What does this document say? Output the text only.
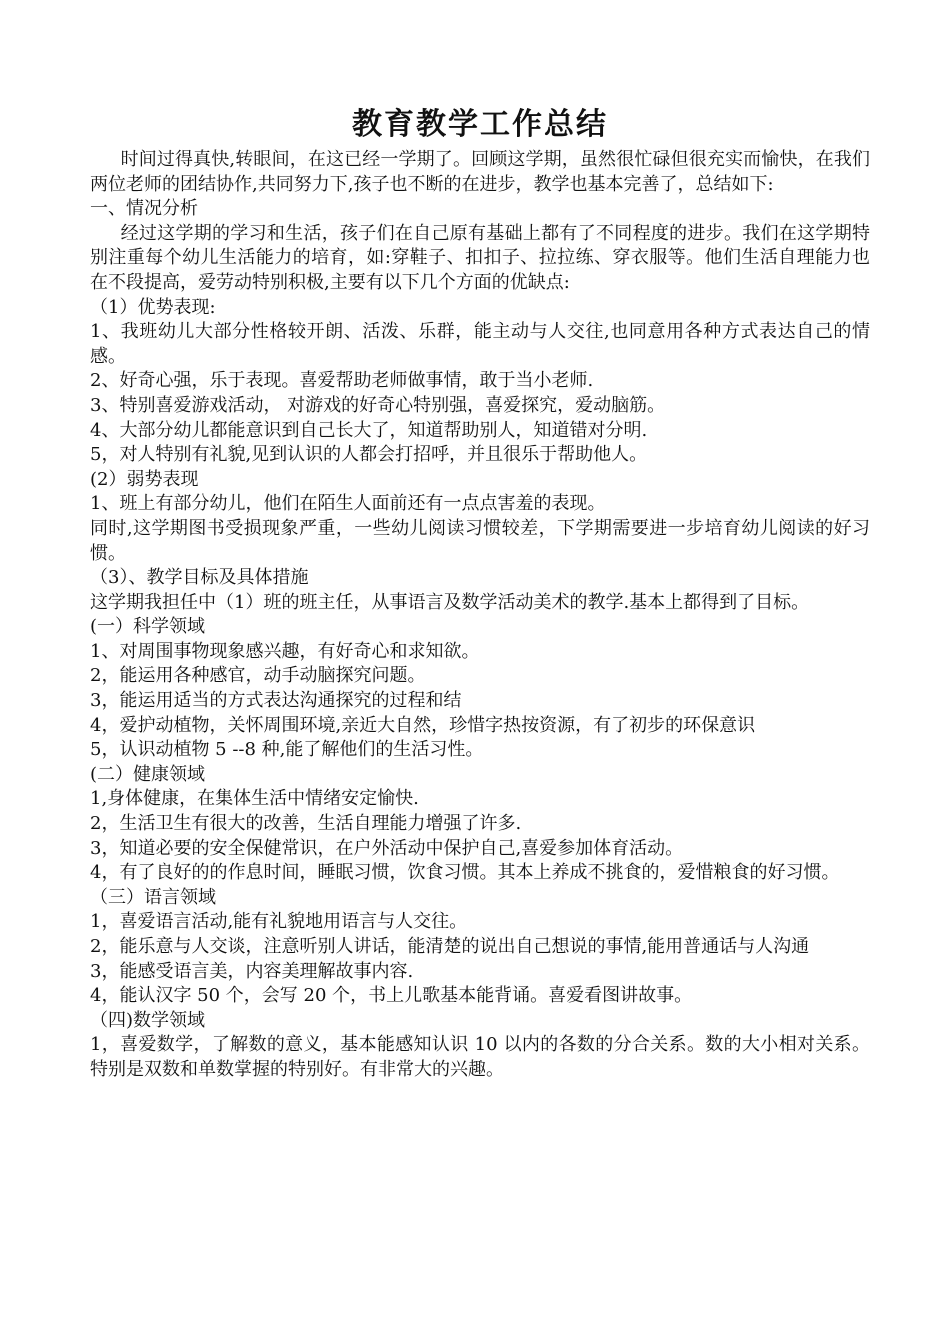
教育教学工作总结

时间过得真快,转眼间，在这已经一学期了。回顾这学期，虽然很忙碌但很充实而愉快，在我们两位老师的团结协作,共同努力下,孩子也不断的在进步，教学也基本完善了，总结如下:

一、情况分析

经过这学期的学习和生活，孩子们在自己原有基础上都有了不同程度的进步。我们在这学期特别注重每个幼儿生活能力的培育，如:穿鞋子、扣扣子、拉拉练、穿衣服等。他们生活自理能力也在不段提高，爱劳动特别积极,主要有以下几个方面的优缺点:

（1）优势表现:

1、我班幼儿大部分性格较开朗、活泼、乐群，能主动与人交往,也同意用各种方式表达自己的情感。

2、好奇心强，乐于表现。喜爱帮助老师做事情，敢于当小老师.

3、特别喜爱游戏活动， 对游戏的好奇心特别强，喜爱探究，爱动脑筋。

4、大部分幼儿都能意识到自己长大了，知道帮助别人，知道错对分明.

5，对人特别有礼貌,见到认识的人都会打招呼，并且很乐于帮助他人。

(2）弱势表现

1、班上有部分幼儿，他们在陌生人面前还有一点点害羞的表现。

同时,这学期图书受损现象严重，一些幼儿阅读习惯较差，下学期需要进一步培育幼儿阅读的好习惯。

（3）、教学目标及具体措施

这学期我担任中（1）班的班主任，从事语言及数学活动美术的教学.基本上都得到了目标。

(一）科学领域

1、对周围事物现象感兴趣，有好奇心和求知欲。

2，能运用各种感官，动手动脑探究问题。

3，能运用适当的方式表达沟通探究的过程和结

4，爱护动植物，关怀周围环境,亲近大自然，珍惜字热按资源，有了初步的环保意识

5，认识动植物 5 --8 种,能了解他们的生活习性。

(二）健康领域

1,身体健康，在集体生活中情绪安定愉快.

2，生活卫生有很大的改善，生活自理能力增强了许多.

3，知道必要的安全保健常识，在户外活动中保护自己,喜爱参加体育活动。

4，有了良好的的作息时间，睡眠习惯，饮食习惯。其本上养成不挑食的，爱惜粮食的好习惯。

（三）语言领域

1，喜爱语言活动,能有礼貌地用语言与人交往。

2，能乐意与人交谈，注意听别人讲话，能清楚的说出自己想说的事情,能用普通话与人沟通

3，能感受语言美，内容美理解故事内容.

4，能认汉字 50 个，会写 20 个，书上儿歌基本能背诵。喜爱看图讲故事。

（四)数学领域

1，喜爱数学，了解数的意义，基本能感知认识 10 以内的各数的分合关系。数的大小相对关系。特别是双数和单数掌握的特别好。有非常大的兴趣。
